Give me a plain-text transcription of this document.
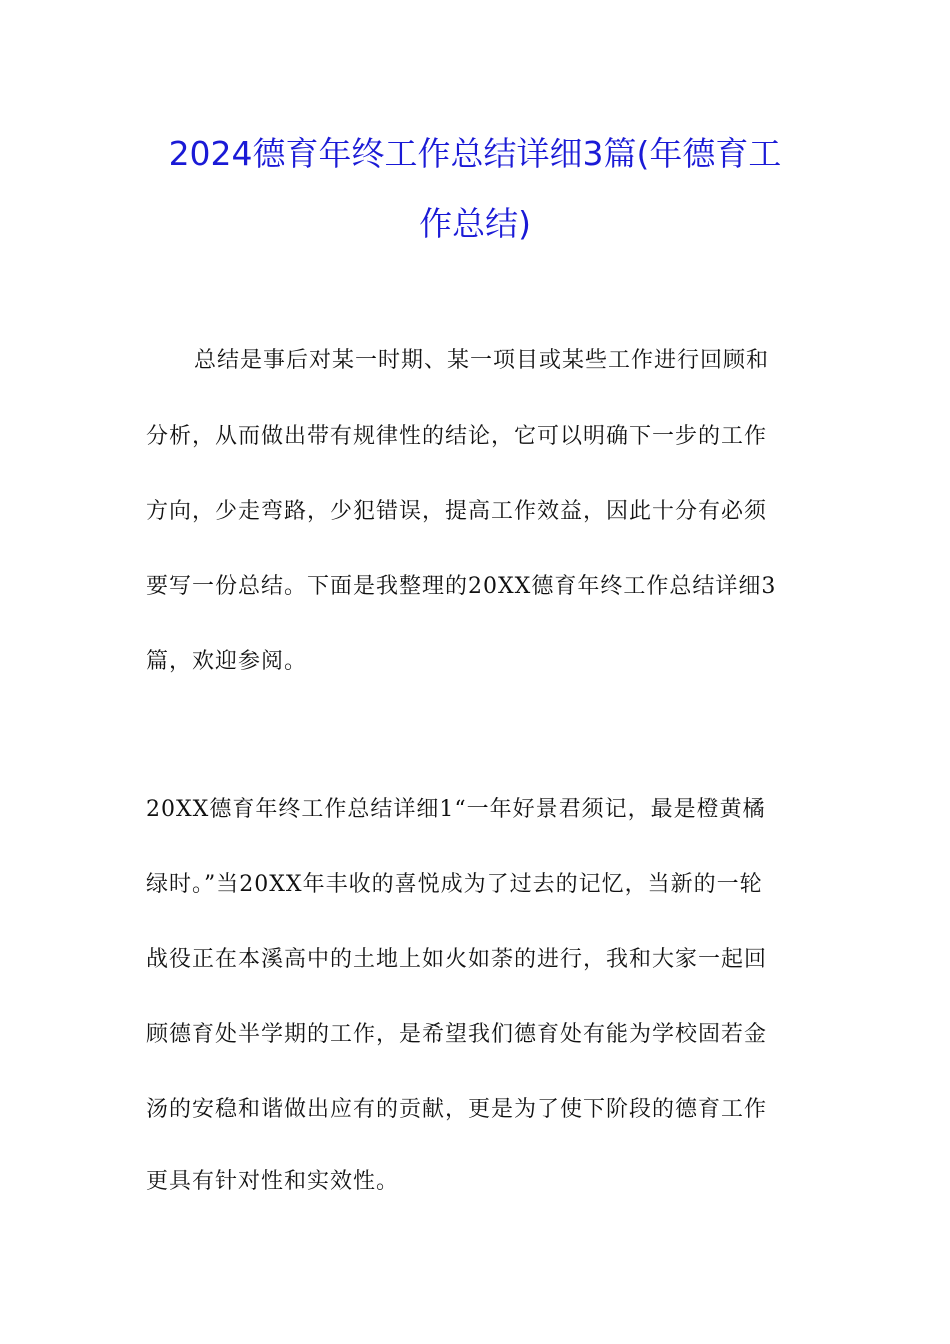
2024德育年终工作总结详细3篇(年德育工
作总结)

总结是事后对某一时期、某一项目或某些工作进行回顾和

分析，从而做出带有规律性的结论，它可以明确下一步的工作

方向，少走弯路，少犯错误，提高工作效益，因此十分有必须

要写一份总结。下面是我整理的20XX德育年终工作总结详细3

篇，欢迎参阅。

20XX德育年终工作总结详细1“一年好景君须记，最是橙黄橘

绿时。”当20XX年丰收的喜悦成为了过去的记忆，当新的一轮

战役正在本溪高中的土地上如火如荼的进行，我和大家一起回

顾德育处半学期的工作，是希望我们德育处有能为学校固若金

汤的安稳和谐做出应有的贡献，更是为了使下阶段的德育工作

更具有针对性和实效性。
